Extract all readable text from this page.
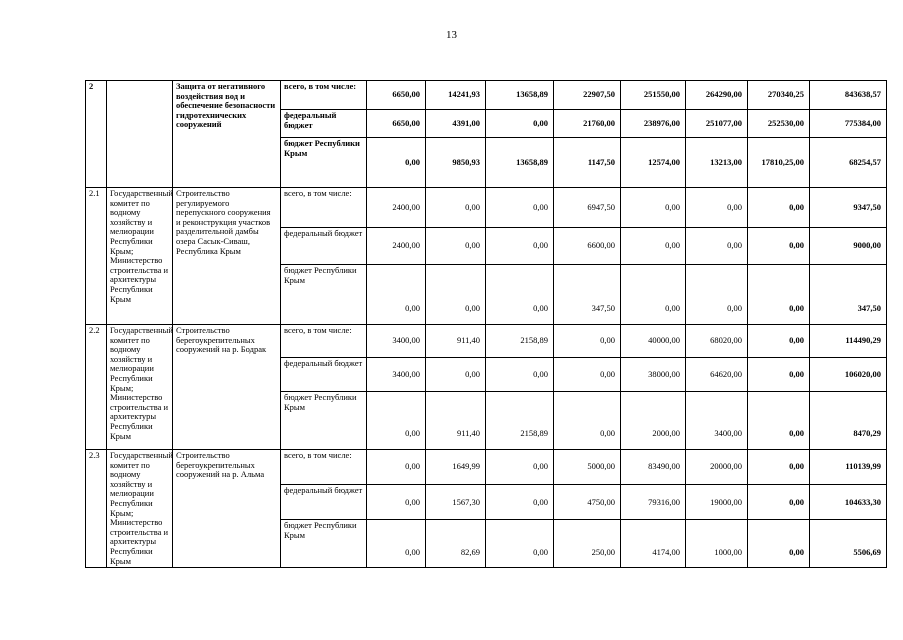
13
2		Защита от негативного воздействия вод и обеспечение безопасности гидротехнических сооружений	всего, в том числе:	6650,00	14241,93	13658,89	22907,50	251550,00	264290,00	270340,25	843638,57
			федеральный бюджет	6650,00	4391,00	0,00	21760,00	238976,00	251077,00	252530,00	775384,00
			бюджет Республики Крым	0,00	9850,93	13658,89	1147,50	12574,00	13213,00	17810,25,00	68254,57
2.1	Государственный комитет по водному хозяйству и мелиорации Республики Крым; Министерство строительства и архитектуры Республики Крым	Строительство регулируемого перепускного сооружения и реконструкция участков разделительной дамбы озера Сасык-Сиваш, Республика Крым	всего, в том числе:	2400,00	0,00	0,00	6947,50	0,00	0,00	0,00	9347,50
			федеральный бюджет	2400,00	0,00	0,00	6600,00	0,00	0,00	0,00	9000,00
			бюджет Республики Крым	0,00	0,00	0,00	347,50	0,00	0,00	0,00	347,50
2.2	Государственный комитет по водному хозяйству и мелиорации Республики Крым; Министерство строительства и архитектуры Республики Крым	Строительство берегоукрепительных сооружений на р. Бодрак	всего, в том числе:	3400,00	911,40	2158,89	0,00	40000,00	68020,00	0,00	114490,29
			федеральный бюджет	3400,00	0,00	0,00	0,00	38000,00	64620,00	0,00	106020,00
			бюджет Республики Крым	0,00	911,40	2158,89	0,00	2000,00	3400,00	0,00	8470,29
2.3	Государственный комитет по водному хозяйству и мелиорации Республики Крым; Министерство строительства и архитектуры Республики Крым	Строительство берегоукрепительных сооружений на р. Альма	всего, в том числе:	0,00	1649,99	0,00	5000,00	83490,00	20000,00	0,00	110139,99
			федеральный бюджет	0,00	1567,30	0,00	4750,00	79316,00	19000,00	0,00	104633,30
			бюджет Республики Крым	0,00	82,69	0,00	250,00	4174,00	1000,00	0,00	5506,69
